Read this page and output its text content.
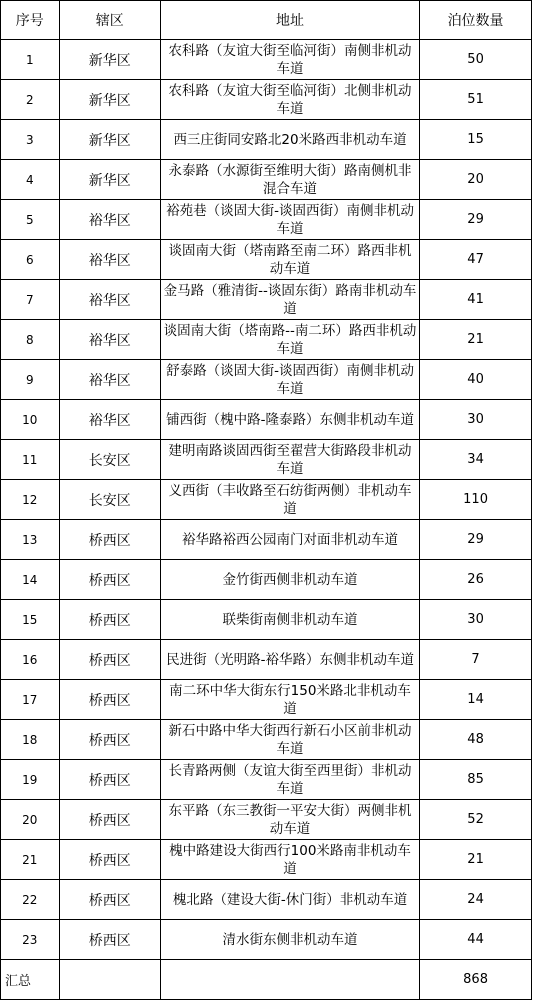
序号	辖区	地址	泊位数量
1	新华区	农科路（友谊大街至临河街）南侧非机动车道	50
2	新华区	农科路（友谊大街至临河街）北侧非机动车道	51
3	新华区	西三庄街同安路北20米路西非机动车道	15
4	新华区	永泰路（水源街至维明大街）路南侧机非混合车道	20
5	裕华区	裕苑巷（谈固大街-谈固西街）南侧非机动车道	29
6	裕华区	谈固南大街（塔南路至南二环）路西非机动车道	47
7	裕华区	金马路（雅清街--谈固东街）路南非机动车道	41
8	裕华区	谈固南大街（塔南路--南二环）路西非机动车道	21
9	裕华区	舒泰路（谈固大街-谈固西街）南侧非机动车道	40
10	裕华区	铺西街（槐中路-隆泰路）东侧非机动车道	30
11	长安区	建明南路谈固西街至翟营大街路段非机动车道	34
12	长安区	义西街（丰收路至石纺街两侧）非机动车道	110
13	桥西区	裕华路裕西公园南门对面非机动车道	29
14	桥西区	金竹街西侧非机动车道	26
15	桥西区	联柴街南侧非机动车道	30
16	桥西区	民进街（光明路-裕华路）东侧非机动车道	7
17	桥西区	南二环中华大街东行150米路北非机动车道	14
18	桥西区	新石中路中华大街西行新石小区前非机动车道	48
19	桥西区	长青路两侧（友谊大街至西里街）非机动车道	85
20	桥西区	东平路（东三教街一平安大街）两侧非机动车道	52
21	桥西区	槐中路建设大街西行100米路南非机动车道	21
22	桥西区	槐北路（建设大街-休门街）非机动车道	24
23	桥西区	清水街东侧非机动车道	44
汇总			868
